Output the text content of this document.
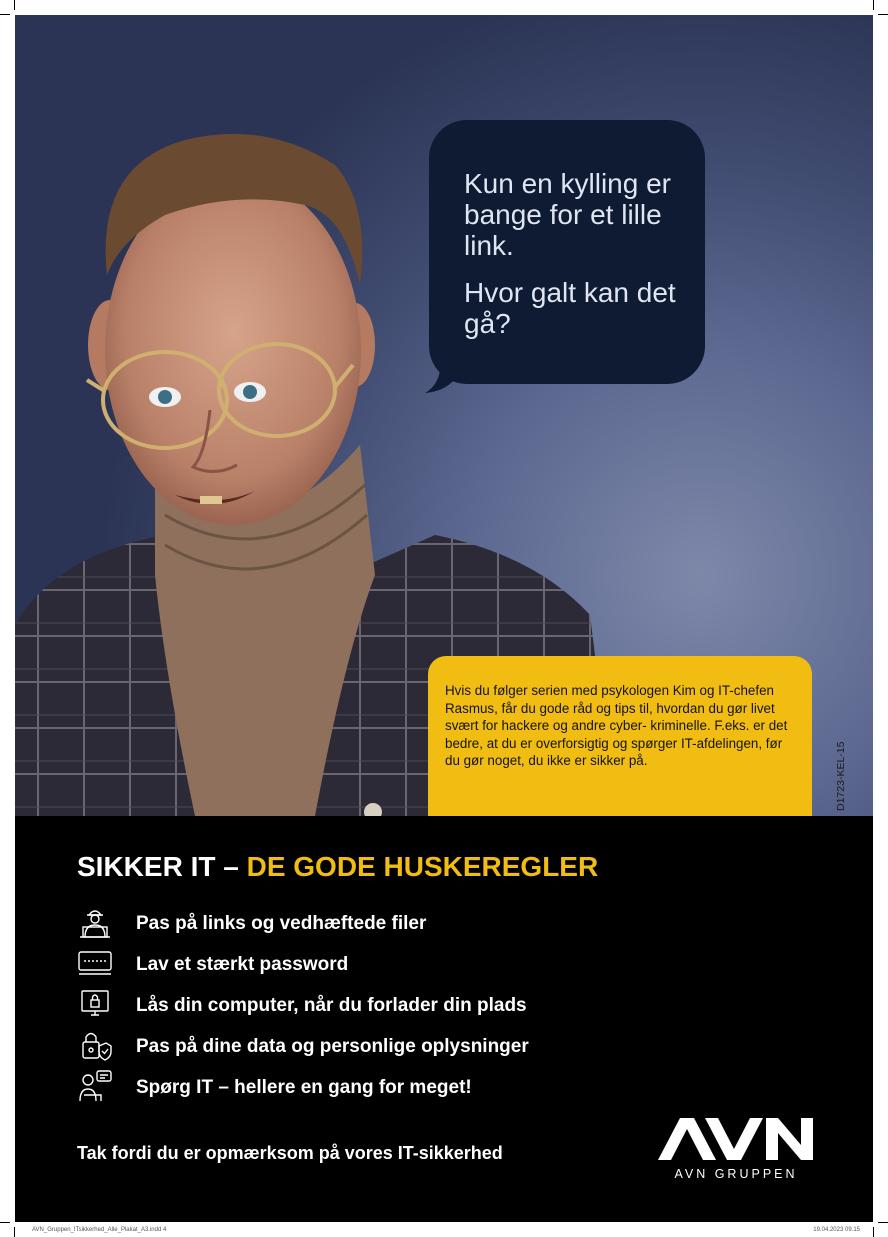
Kun en kylling er bange for et lille link.

Hvor galt kan det gå?

Hvis du følger serien med psykologen Kim og IT-chefen Rasmus, får du gode råd og tips til, hvordan du gør livet svært for hackere og andre cyber- kriminelle. F.eks. er det bedre, at du er overforsigtig og spørger IT-afdelingen, før du gør noget, du ikke er sikker på.	D1723-KEL-15
SIKKER IT – DE GODE HUSKEREGLER
Pas på links og vedhæftede filer
Lav et stærkt password
Lås din computer, når du forlader din plads
Pas på dine data og personlige oplysninger
Spørg IT – hellere en gang for meget!
Tak fordi du er opmærksom på vores IT-sikkerhed
AVN GRUPPEN
AVN_Gruppen_ITsikkerhed_Alle_Plakat_A3.indd 4	19.04.2023 09.15
